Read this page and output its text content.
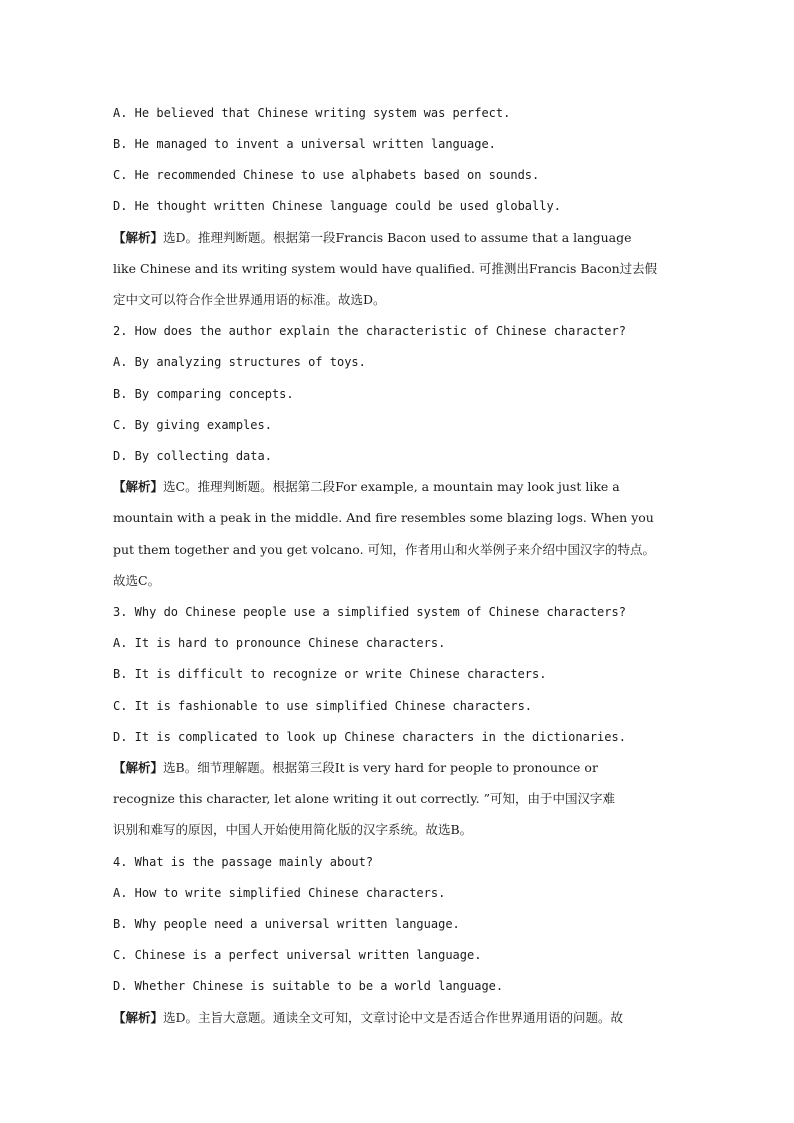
A. He believed that Chinese writing system was perfect.
B. He managed to invent a universal written language.
C. He recommended Chinese to use alphabets based on sounds.
D. He thought written Chinese language could be used globally.
【解析】选D。推理判断题。根据第一段Francis Bacon used to assume that a language
like Chinese and its writing system would have qualified. 可推测出Francis Bacon过去假
定中文可以符合作全世界通用语的标准。故选D。
2. How does the author explain the characteristic of Chinese character?
A. By analyzing structures of toys.
B. By comparing concepts.
C. By giving examples.
D. By collecting data.
【解析】选C。推理判断题。根据第二段For example, a mountain may look just like a
mountain with a peak in the middle. And fire resembles some blazing logs. When you
put them together and you get volcano. 可知，作者用山和火举例子来介绍中国汉字的特点。
故选C。
3. Why do Chinese people use a simplified system of Chinese characters?
A. It is hard to pronounce Chinese characters.
B. It is difficult to recognize or write Chinese characters.
C. It is fashionable to use simplified Chinese characters.
D. It is complicated to look up Chinese characters in the dictionaries.
【解析】选B。细节理解题。根据第三段It is very hard for people to pronounce or
recognize this character, let alone writing it out correctly. ”可知，由于中国汉字难
识别和难写的原因，中国人开始使用简化版的汉字系统。故选B。
4. What is the passage mainly about?
A. How to write simplified Chinese characters.
B. Why people need a universal written language.
C. Chinese is a perfect universal written language.
D. Whether Chinese is suitable to be a world language.
【解析】选D。主旨大意题。通读全文可知，文章讨论中文是否适合作世界通用语的问题。故
